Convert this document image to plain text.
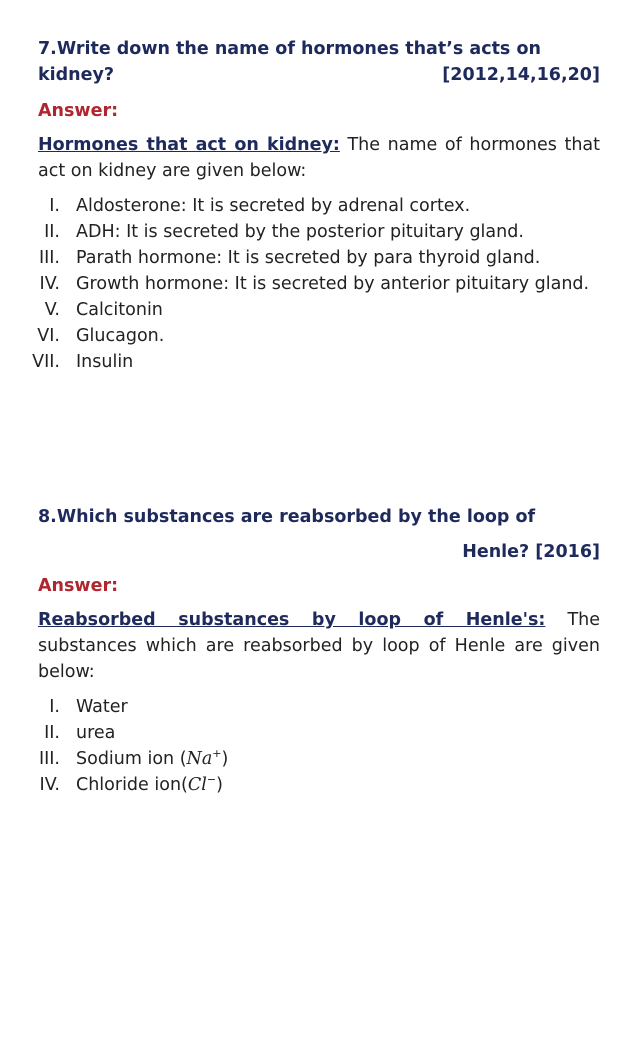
7.Write down the name of hormones that’s acts on
kidney?	[2012,14,16,20]
Answer:
Hormones that act on kidney: The name of hormones that act on kidney are given below:
I. Aldosterone: It is secreted by adrenal cortex.
II. ADH: It is secreted by the posterior pituitary gland.
III. Parath hormone: It is secreted by para thyroid gland.
IV. Growth hormone: It is secreted by anterior pituitary gland.
V. Calcitonin
VI. Glucagon.
VII. Insulin
8.Which substances are reabsorbed by the loop of
Henle? [2016]
Answer:
Reabsorbed substances by loop of Henle's: The substances which are reabsorbed by loop of Henle are given below:
I. Water
II. urea
III. Sodium ion (Na+)
IV. Chloride ion(Cl−)
